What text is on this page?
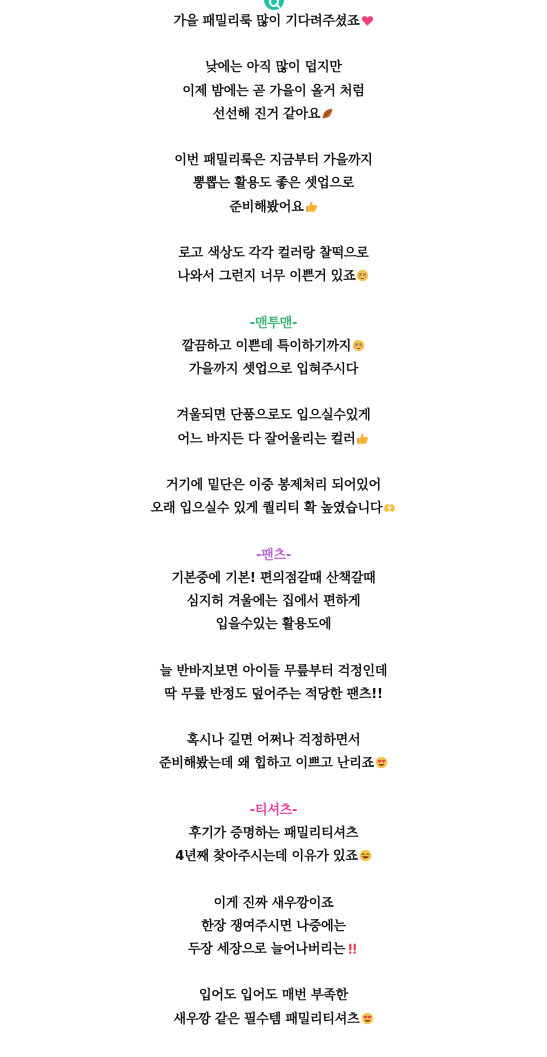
가을 패밀리룩 많이 기다려주셨죠
낮에는 아직 많이 덥지만
이제 밤에는 곧 가을이 올거 처럼
선선해 진거 같아요
이번 패밀리룩은 지금부터 가을까지
뽕뽑는 활용도 좋은 셋업으로
준비해봤어요
로고 색상도 각각 컬러랑 찰떡으로
나와서 그런지 너무 이쁜거 있죠
-맨투맨-
깔끔하고 이쁜데 특이하기까지
가을까지 셋업으로 입혀주시다
겨울되면 단품으로도 입으실수있게
어느 바지든 다 잘어울리는 컬러
거기에 밑단은 이중 봉제처리 되어있어
오래 입으실수 있게 퀄리티 확 높였습니다
-팬츠-
기본중에 기본! 편의점갈때 산책갈때
심지허 겨울에는 집에서 편하게
입을수있는 활용도에
늘 반바지보면 아이들 무릎부터 걱정인데
딱 무릎 반정도 덮어주는 적당한 팬츠!!
혹시나 길면 어쩌나 걱정하면서
준비해봤는데 왜 힙하고 이쁘고 난리죠
-티셔츠-
후기가 증명하는 패밀리티셔츠
4년째 찾아주시는데 이유가 있죠
이게 진짜 새우깡이죠
한장 쟁여주시면 나중에는
두장 세장으로 늘어나버리는
입어도 입어도 매번 부족한
새우깡 같은 필수템 패밀리티셔츠
